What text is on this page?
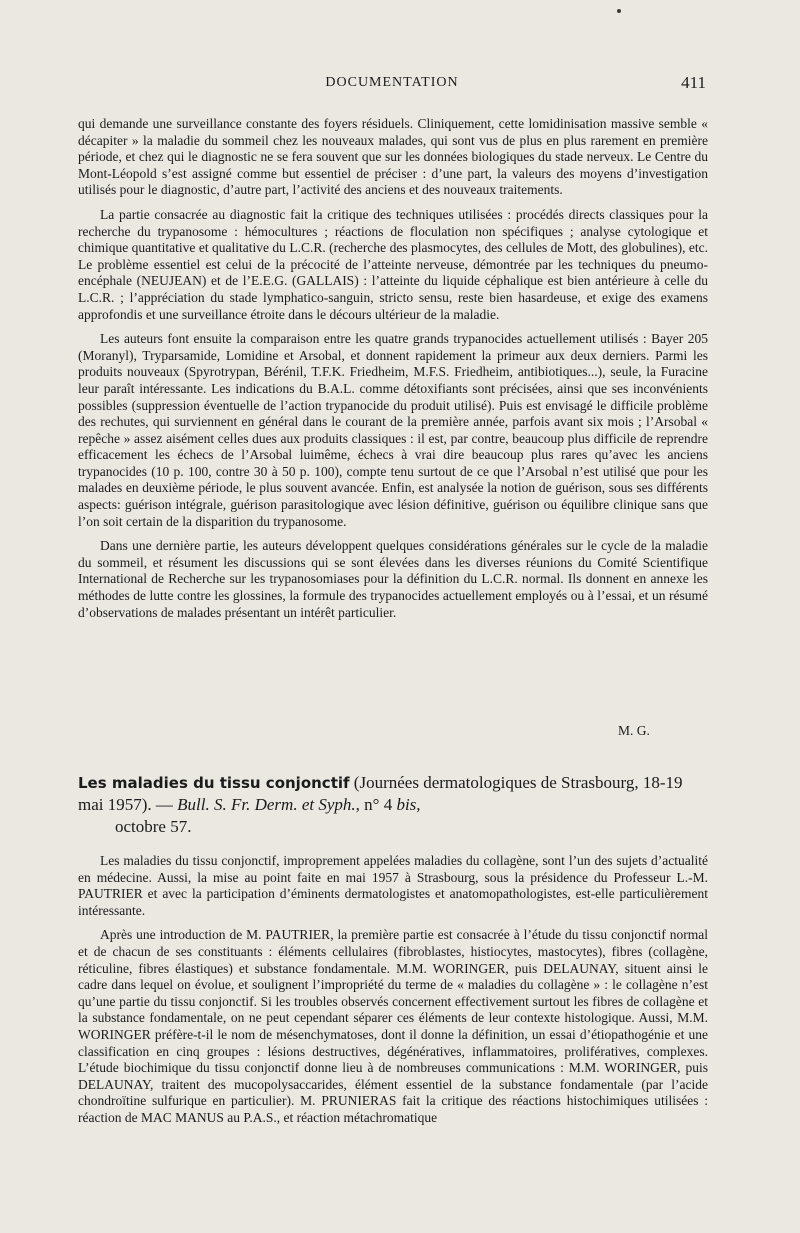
DOCUMENTATION	411

qui demande une surveillance constante des foyers résiduels. Cliniquement, cette lomidinisation massive semble « décapiter » la maladie du sommeil chez les nouveaux malades, qui sont vus de plus en plus rarement en première période, et chez qui le diagnostic ne se fera souvent que sur les données biologiques du stade nerveux. Le Centre du Mont-Léopold s’est assigné comme but essentiel de préciser : d’une part, la valeurs des moyens d’investigation utilisés pour le diagnostic, d’autre part, l’activité des anciens et des nouveaux traitements.

La partie consacrée au diagnostic fait la critique des techniques utilisées : procédés directs classiques pour la recherche du trypanosome : hémocultures ; réactions de floculation non spécifiques ; analyse cytologique et chimique quantitative et qualitative du L.C.R. (recherche des plasmocytes, des cellules de Mott, des globulines), etc. Le problème essentiel est celui de la précocité de l’atteinte nerveuse, démontrée par les techniques du pneumo-encéphale (NEUJEAN) et de l’E.E.G. (GALLAIS) : l’atteinte du liquide céphalique est bien antérieure à celle du L.C.R. ; l’appréciation du stade lymphatico-sanguin, stricto sensu, reste bien hasardeuse, et exige des examens approfondis et une surveillance étroite dans le décours ultérieur de la maladie.

Les auteurs font ensuite la comparaison entre les quatre grands trypanocides actuellement utilisés : Bayer 205 (Moranyl), Tryparsamide, Lomidine et Arsobal, et donnent rapidement la primeur aux deux derniers. Parmi les produits nouveaux (Spyrotrypan, Bérénil, T.F.K. Friedheim, M.F.S. Friedheim, antibiotiques...), seule, la Furacine leur paraît intéressante. Les indications du B.A.L. comme détoxifiants sont précisées, ainsi que ses inconvénients possibles (suppression éventuelle de l’action trypanocide du produit utilisé). Puis est envisagé le difficile problème des rechutes, qui surviennent en général dans le courant de la première année, parfois avant six mois ; l’Arsobal « repêche » assez aisément celles dues aux produits classiques : il est, par contre, beaucoup plus difficile de reprendre efficacement les échecs de l’Arsobal luimême, échecs à vrai dire beaucoup plus rares qu’avec les anciens trypanocides (10 p. 100, contre 30 à 50 p. 100), compte tenu surtout de ce que l’Arsobal n’est utilisé que pour les malades en deuxième période, le plus souvent avancée. Enfin, est analysée la notion de guérison, sous ses différents aspects: guérison intégrale, guérison parasitologique avec lésion définitive, guérison ou équilibre clinique sans que l’on soit certain de la disparition du trypanosome.

Dans une dernière partie, les auteurs développent quelques considérations générales sur le cycle de la maladie du sommeil, et résument les discussions qui se sont élevées dans les diverses réunions du Comité Scientifique International de Recherche sur les trypanosomiases pour la définition du L.C.R. normal. Ils donnent en annexe les méthodes de lutte contre les glossines, la formule des trypanocides actuellement employés ou à l’essai, et un résumé d’observations de malades présentant un intérêt particulier.

M. G.
Les maladies du tissu conjonctif (Journées dermatologiques de Strasbourg, 18-19 mai 1957). — Bull. S. Fr. Derm. et Syph., n° 4 bis,
octobre 57.

Les maladies du tissu conjonctif, improprement appelées maladies du collagène, sont l’un des sujets d’actualité en médecine. Aussi, la mise au point faite en mai 1957 à Strasbourg, sous la présidence du Professeur L.-M. PAUTRIER et avec la participation d’éminents dermatologistes et anatomopathologistes, est-elle particulièrement intéressante.

Après une introduction de M. PAUTRIER, la première partie est consacrée à l’étude du tissu conjonctif normal et de chacun de ses constituants : éléments cellulaires (fibroblastes, histiocytes, mastocytes), fibres (collagène, réticuline, fibres élastiques) et substance fondamentale. M.M. WORINGER, puis DELAUNAY, situent ainsi le cadre dans lequel on évolue, et soulignent l’impropriété du terme de « maladies du collagène » : le collagène n’est qu’une partie du tissu conjonctif. Si les troubles observés concernent effectivement surtout les fibres de collagène et la substance fondamentale, on ne peut cependant séparer ces éléments de leur contexte histologique. Aussi, M.M. WORINGER préfère-t-il le nom de mésenchymatoses, dont il donne la définition, un essai d’étiopathogénie et une classification en cinq groupes : lésions destructives, dégénératives, inflammatoires, prolifératives, complexes. L’étude biochimique du tissu conjonctif donne lieu à de nombreuses communications : M.M. WORINGER, puis DELAUNAY, traitent des mucopolysaccarides, élément essentiel de la substance fondamentale (par l’acide chondroïtine sulfurique en particulier). M. PRUNIERAS fait la critique des réactions histochimiques utilisées : réaction de MAC MANUS au P.A.S., et réaction métachromatique
